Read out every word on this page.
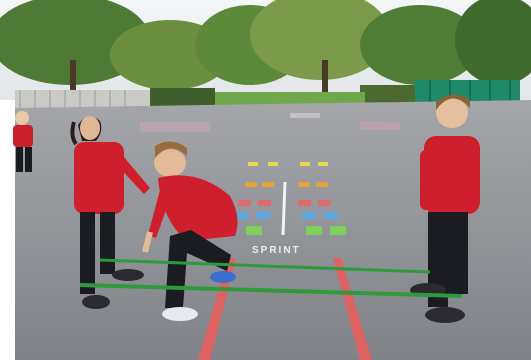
SPRINT
